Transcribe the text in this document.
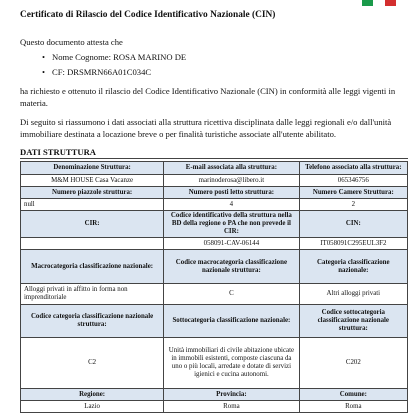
Certificato di Rilascio del Codice Identificativo Nazionale (CIN)

Questo documento attesta che

• Nome Cognome: ROSA MARINO DE
• CF: DRSMRN66A01C034C

ha richiesto e ottenuto il rilascio del Codice Identificativo Nazionale (CIN) in conformità alle leggi vigenti in materia.

Di seguito si riassumono i dati associati alla struttura ricettiva disciplinata dalle leggi regionali e/o dall'unità immobiliare destinata a locazione breve o per finalità turistiche associate all'utente abilitato.

DATI STRUTTURA
Denominazione Struttura:	E-mail associata alla struttura:	Telefono associato alla struttura:
M&M HOUSE Casa Vacanze	marinoderosa@libero.it	065346756
Numero piazzole struttura:	Numero posti letto struttura:	Numero Camere Struttura:
null	4	2
CIR:	Codice identificativo della struttura nella BD della regione o PA che non prevede il CIR:	CIN:
	058091-CAV-06144	IT058091C295EUL3F2
Macrocategoria classificazione nazionale:	Codice macrocategoria classificazione nazionale struttura:	Categoria classificazione nazionale:
Alloggi privati in affitto in forma non imprenditoriale	C	Altri alloggi privati
Codice categoria classificazione nazionale struttura:	Sottocategoria classificazione nazionale:	Codice sottocategoria classificazione nazionale struttura:
C2	Unità immobiliari di civile abitazione ubicate in immobili esistenti, composte ciascuna da uno o più locali, arredate e dotate di servizi igienici e cucina autonomi.	C202
Regione:	Provincia:	Comune:
Lazio	Roma	Roma
